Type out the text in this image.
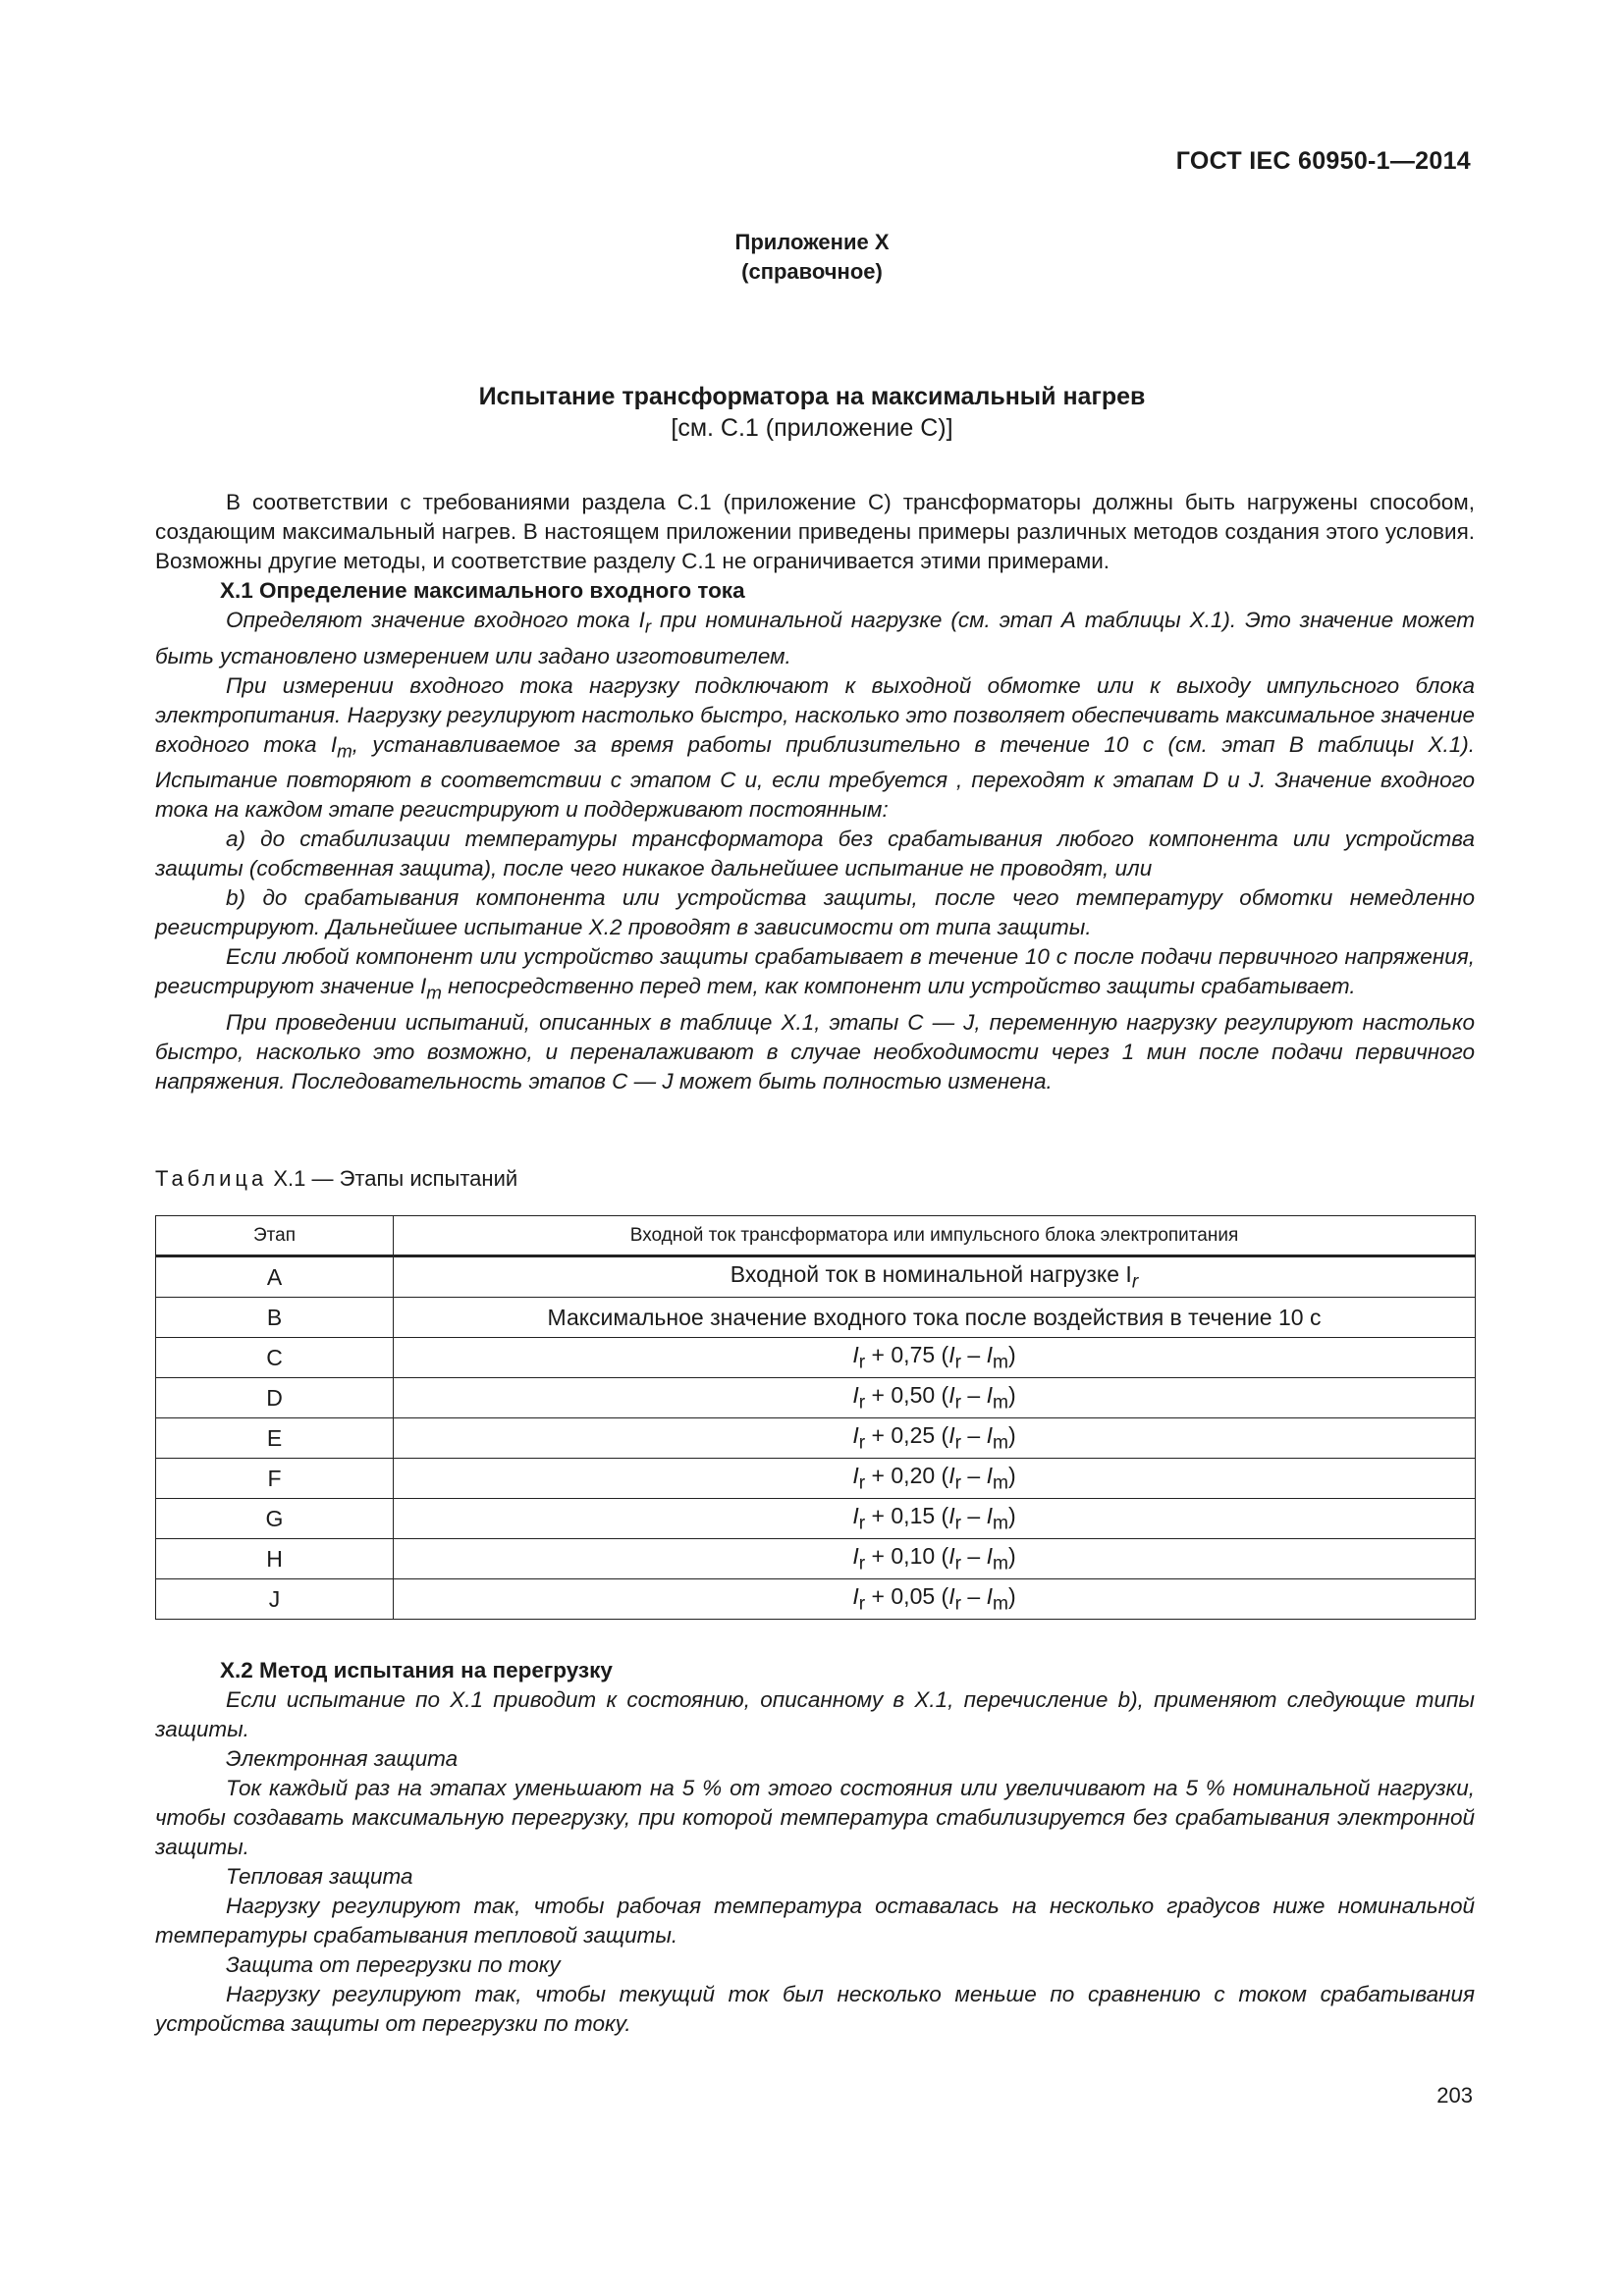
ГОСТ IEC 60950-1—2014
Приложение X
(справочное)
Испытание трансформатора на максимальный нагрев
[см. С.1 (приложение С)]

В соответствии с требованиями раздела С.1 (приложение С) трансформаторы должны быть нагружены способом, создающим максимальный нагрев. В настоящем приложении приведены примеры различных методов создания этого условия. Возможны другие методы, и соответствие разделу С.1 не ограничивается этими примерами.

X.1 Определение максимального входного тока

Определяют значение входного тока $I_r$ при номинальной нагрузке (см. этап А таблицы X.1). Это значение может быть установлено измерением или задано изготовителем.

При измерении входного тока нагрузку подключают к выходной обмотке или к выходу импульсного блока электропитания. Нагрузку регулируют настолько быстро, насколько это позволяет обеспечивать максимальное значение входного тока $I_m$, устанавливаемое за время работы приблизительно в течение 10 с (см. этап В таблицы X.1). Испытание повторяют в соответствии с этапом С и, если требуется , переходят к этапам D и J. Значение входного тока на каждом этапе регистрируют и поддерживают постоянным:

а) до стабилизации температуры трансформатора без срабатывания любого компонента или устройства защиты (собственная защита), после чего никакое дальнейшее испытание не проводят, или

b) до срабатывания компонента или устройства защиты, после чего температуру обмотки немедленно регистрируют. Дальнейшее испытание X.2 проводят в зависимости от типа защиты.

Если любой компонент или устройство защиты срабатывает в течение 10 с после подачи первичного напряжения, регистрируют значение $I_m$ непосредственно перед тем, как компонент или устройство защиты срабатывает.

При проведении испытаний, описанных в таблице X.1, этапы С — J, переменную нагрузку регулируют настолько быстро, насколько это возможно, и переналаживают в случае необходимости через 1 мин после подачи первичного напряжения. Последовательность этапов С — J может быть полностью изменена.

Таблица X.1 — Этапы испытаний
Этап	Входной ток трансформатора или импульсного блока электропитания
A	Входной ток в номинальной нагрузке $I_r$
B	Максимальное значение входного тока после воздействия в течение 10 с
C	$I_r + 0,75$ $(I_r - I_m)$
D	$I_r + 0,50$ $(I_r - I_m)$
E	$I_r + 0,25$ $(I_r - I_m)$
F	$I_r + 0,20$ $(I_r - I_m)$
G	$I_r + 0,15$ $(I_r - I_m)$
H	$I_r + 0,10$ $(I_r - I_m)$
J	$I_r + 0,05$ $(I_r - I_m)$

X.2 Метод испытания на перегрузку

Если испытание по X.1 приводит к состоянию, описанному в X.1, перечисление b), применяют следующие типы защиты.

Электронная защита

Ток каждый раз на этапах уменьшают на 5 % от этого состояния или увеличивают на 5 % номинальной нагрузки, чтобы создавать максимальную перегрузку, при которой температура стабилизируется без срабатывания электронной защиты.

Тепловая защита

Нагрузку регулируют так, чтобы рабочая температура оставалась на несколько градусов ниже номинальной температуры срабатывания тепловой защиты.

Защита от перегрузки по току

Нагрузку регулируют так, чтобы текущий ток был несколько меньше по сравнению с током срабатывания устройства защиты от перегрузки по току.

203
